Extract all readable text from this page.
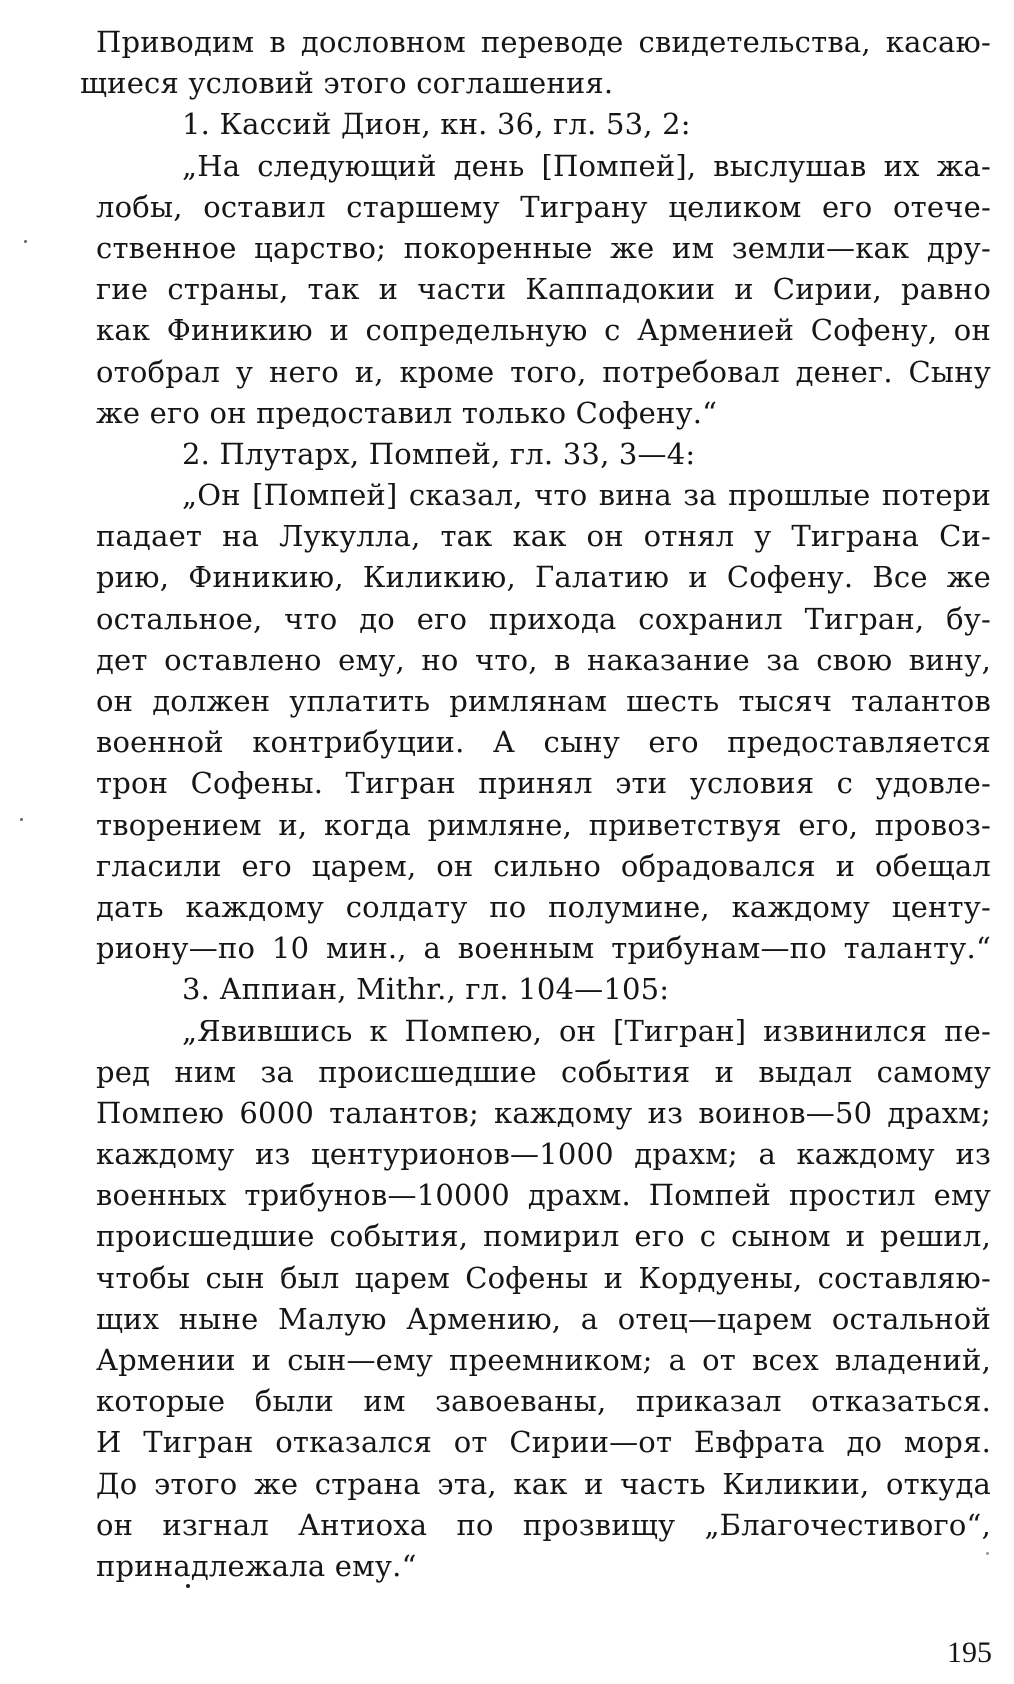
Приводим в дословном переводе свидетельства, касаю-
щиеся условий этого соглашения.
1. Кассий Дион, кн. 36, гл. 53, 2:
„На следующий день [Помпей], выслушав их жа-
лобы, оставил старшему Тиграну целиком его отече-
ственное царство; покоренные же им земли—как дру-
гие страны, так и части Каппадокии и Сирии, равно
как Финикию и сопредельную с Арменией Софену, он
отобрал у него и, кроме того, потребовал денег. Сыну
же его он предоставил только Софену.“
2. Плутарх, Помпей, гл. 33, 3—4:
„Он [Помпей] сказал, что вина за прошлые потери
падает на Лукулла, так как он отнял у Тиграна Си-
рию, Финикию, Киликию, Галатию и Софену. Все же
остальное, что до его прихода сохранил Тигран, бу-
дет оставлено ему, но что, в наказание за свою вину,
он должен уплатить римлянам шесть тысяч талантов
военной контрибуции. А сыну его предоставляется
трон Софены. Тигран принял эти условия с удовле-
творением и, когда римляне, приветствуя его, провоз-
гласили его царем, он сильно обрадовался и обещал
дать каждому солдату по полумине, каждому центу-
риону—по 10 мин., а военным трибунам—по таланту.“
3. Аппиан, Mithr., гл. 104—105:
„Явившись к Помпею, он [Тигран] извинился пе-
ред ним за происшедшие события и выдал самому
Помпею 6000 талантов; каждому из воинов—50 драхм;
каждому из центурионов—1000 драхм; а каждому из
военных трибунов—10000 драхм. Помпей простил ему
происшедшие события, помирил его с сыном и решил,
чтобы сын был царем Софены и Кордуены, составляю-
щих ныне Малую Армению, а отец—царем остальной
Армении и сын—ему преемником; а от всех владений,
которые были им завоеваны, приказал отказаться.
И Тигран отказался от Сирии—от Евфрата до моря.
До этого же страна эта, как и часть Киликии, откуда
он изгнал Антиоха по прозвищу „Благочестивого“,
принадлежала ему.“
195
